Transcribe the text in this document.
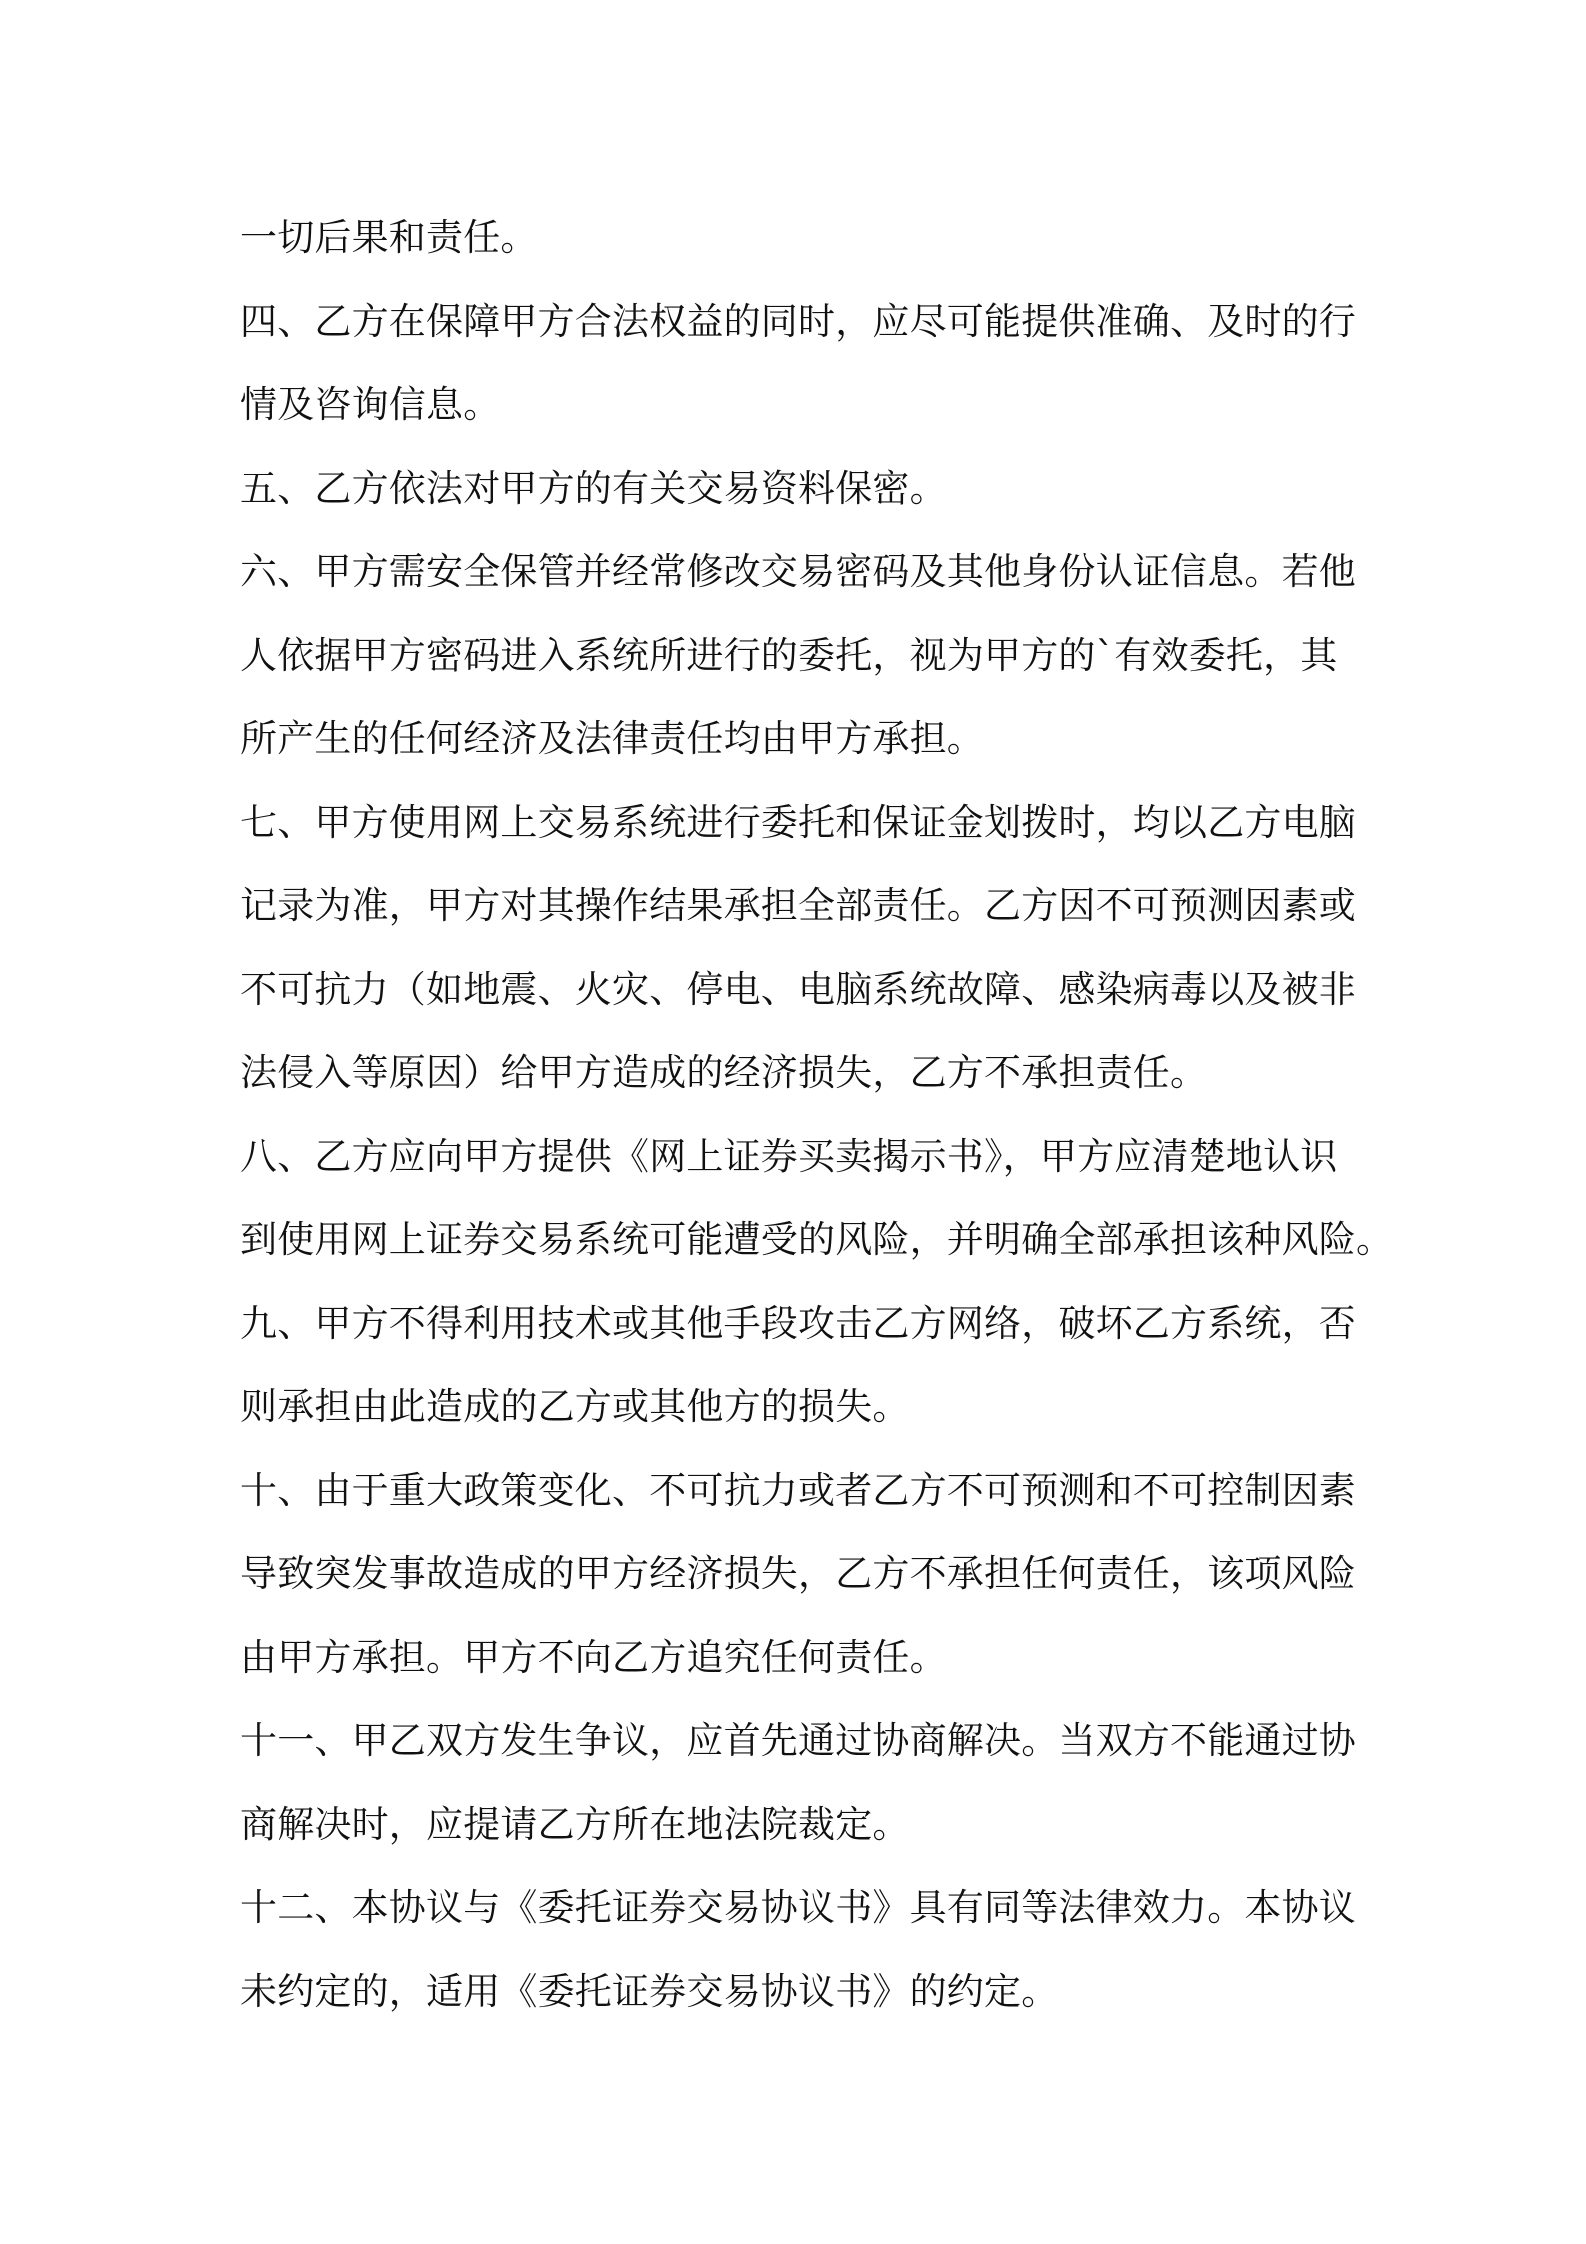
一切后果和责任。
四、乙方在保障甲方合法权益的同时，应尽可能提供准确、及时的行
情及咨询信息。
五、乙方依法对甲方的有关交易资料保密。
六、甲方需安全保管并经常修改交易密码及其他身份认证信息。若他
人依据甲方密码进入系统所进行的委托，视为甲方的`有效委托，其
所产生的任何经济及法律责任均由甲方承担。
七、甲方使用网上交易系统进行委托和保证金划拨时，均以乙方电脑
记录为准，甲方对其操作结果承担全部责任。乙方因不可预测因素或
不可抗力（如地震、火灾、停电、电脑系统故障、感染病毒以及被非
法侵入等原因）给甲方造成的经济损失，乙方不承担责任。
八、乙方应向甲方提供《网上证券买卖揭示书》，甲方应清楚地认识
到使用网上证券交易系统可能遭受的风险，并明确全部承担该种风险。
九、甲方不得利用技术或其他手段攻击乙方网络，破坏乙方系统，否
则承担由此造成的乙方或其他方的损失。
十、由于重大政策变化、不可抗力或者乙方不可预测和不可控制因素
导致突发事故造成的甲方经济损失，乙方不承担任何责任，该项风险
由甲方承担。甲方不向乙方追究任何责任。
十一、甲乙双方发生争议，应首先通过协商解决。当双方不能通过协
商解决时，应提请乙方所在地法院裁定。
十二、本协议与《委托证券交易协议书》具有同等法律效力。本协议
未约定的，适用《委托证券交易协议书》的约定。
